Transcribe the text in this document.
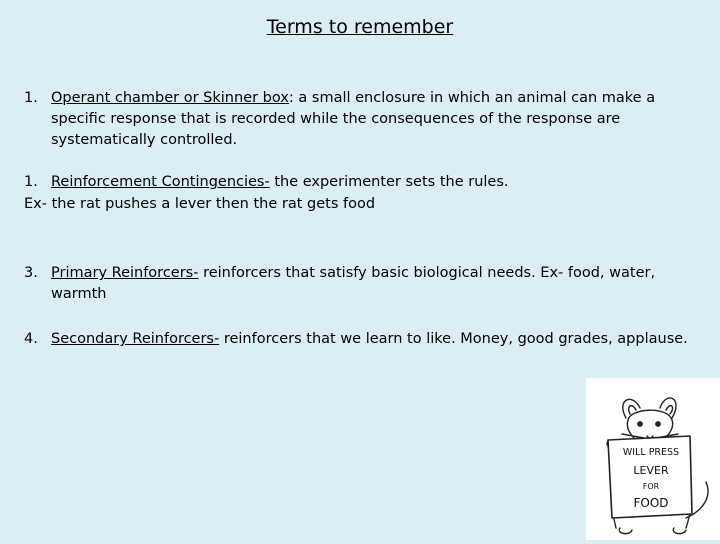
Terms to remember
1. Operant chamber or Skinner box: a small enclosure in which an animal can make a specific response that is recorded while the consequences of the response are systematically controlled.
1. Reinforcement Contingencies- the experimenter sets the rules.
Ex- the rat pushes a lever then the rat gets food
3. Primary Reinforcers- reinforcers that satisfy basic biological needs. Ex- food, water, warmth
4. Secondary Reinforcers- reinforcers that we learn to like. Money, good grades, applause.
WILL PRESS
LEVER
FOR
FOOD
